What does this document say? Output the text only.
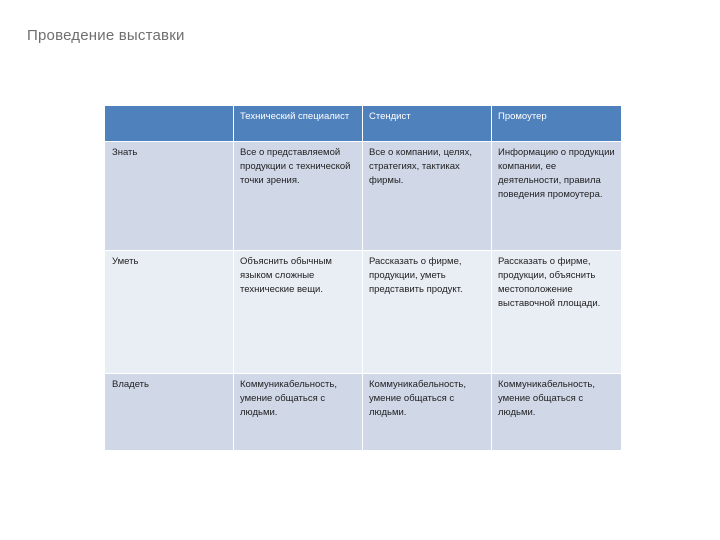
Проведение выставки
	Технический специалист	Стендист	Промоутер
Знать	Все о представляемой продукции с технической точки зрения.	Все о компании, целях, стратегиях, тактиках фирмы.	Информацию о продукции компании, ее деятельности, правила поведения промоутера.
Уметь	Объяснить обычным языком сложные технические вещи.	Рассказать о фирме, продукции, уметь представить продукт.	Рассказать о фирме, продукции, объяснить местоположение выставочной площади.
Владеть	Коммуникабельность, умение общаться с людьми.	Коммуникабельность, умение общаться с людьми.	Коммуникабельность, умение общаться с людьми.
